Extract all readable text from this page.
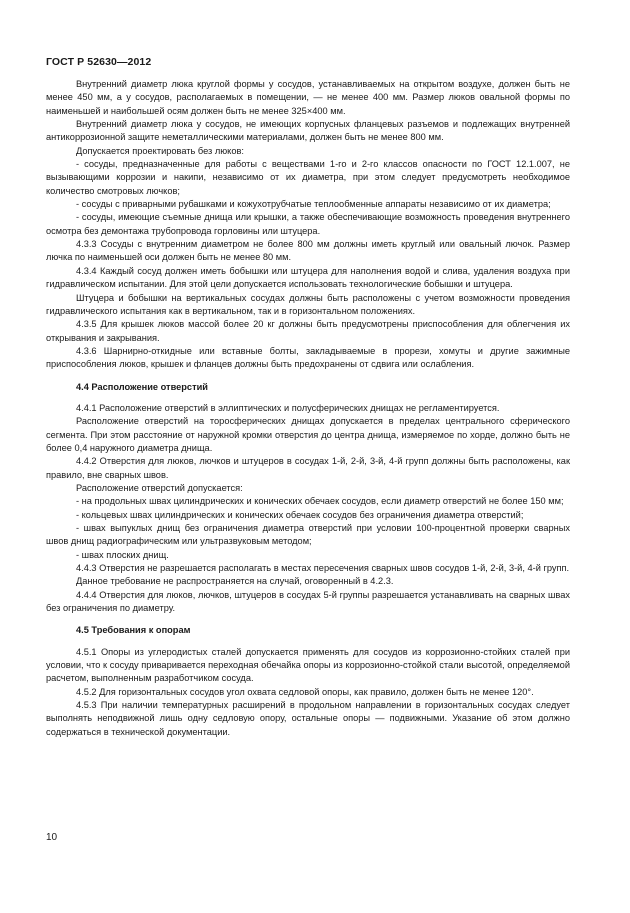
ГОСТ Р 52630—2012

Внутренний диаметр люка круглой формы у сосудов, устанавливаемых на открытом воздухе, должен быть не менее 450 мм, а у сосудов, располагаемых в помещении, — не менее 400 мм. Размер люков овальной формы по наименьшей и наибольшей осям должен быть не менее 325×400 мм.

Внутренний диаметр люка у сосудов, не имеющих корпусных фланцевых разъемов и подлежащих внутренней антикоррозионной защите неметаллическими материалами, должен быть не менее 800 мм.

Допускается проектировать без люков:

- сосуды, предназначенные для работы с веществами 1-го и 2-го классов опасности по ГОСТ 12.1.007, не вызывающими коррозии и накипи, независимо от их диаметра, при этом следует предусмотреть необходимое количество смотровых лючков;

- сосуды с приварными рубашками и кожухотрубчатые теплообменные аппараты независимо от их диаметра;

- сосуды, имеющие съемные днища или крышки, а также обеспечивающие возможность проведения внутреннего осмотра без демонтажа трубопровода горловины или штуцера.

4.3.3 Сосуды с внутренним диаметром не более 800 мм должны иметь круглый или овальный лючок. Размер лючка по наименьшей оси должен быть не менее 80 мм.

4.3.4 Каждый сосуд должен иметь бобышки или штуцера для наполнения водой и слива, удаления воздуха при гидравлическом испытании. Для этой цели допускается использовать технологические бобышки и штуцера.

Штуцера и бобышки на вертикальных сосудах должны быть расположены с учетом возможности проведения гидравлического испытания как в вертикальном, так и в горизонтальном положениях.

4.3.5 Для крышек люков массой более 20 кг должны быть предусмотрены приспособления для облегчения их открывания и закрывания.

4.3.6 Шарнирно-откидные или вставные болты, закладываемые в прорези, хомуты и другие зажимные приспособления люков, крышек и фланцев должны быть предохранены от сдвига или ослабления.

4.4 Расположение отверстий

4.4.1 Расположение отверстий в эллиптических и полусферических днищах не регламентируется.

Расположение отверстий на торосферических днищах допускается в пределах центрального сферического сегмента. При этом расстояние от наружной кромки отверстия до центра днища, измеряемое по хорде, должно быть не более 0,4 наружного диаметра днища.

4.4.2 Отверстия для люков, лючков и штуцеров в сосудах 1-й, 2-й, 3-й, 4-й групп должны быть расположены, как правило, вне сварных швов.

Расположение отверстий допускается:

- на продольных швах цилиндрических и конических обечаек сосудов, если диаметр отверстий не более 150 мм;

- кольцевых швах цилиндрических и конических обечаек сосудов без ограничения диаметра отверстий;

- швах выпуклых днищ без ограничения диаметра отверстий при условии 100-процентной проверки сварных швов днищ радиографическим или ультразвуковым методом;

- швах плоских днищ.

4.4.3 Отверстия не разрешается располагать в местах пересечения сварных швов сосудов 1-й, 2-й, 3-й, 4-й групп.

Данное требование не распространяется на случай, оговоренный в 4.2.3.

4.4.4 Отверстия для люков, лючков, штуцеров в сосудах 5-й группы разрешается устанавливать на сварных швах без ограничения по диаметру.

4.5 Требования к опорам

4.5.1 Опоры из углеродистых сталей допускается применять для сосудов из коррозионно-стойких сталей при условии, что к сосуду приваривается переходная обечайка опоры из коррозионно-стойкой стали высотой, определяемой расчетом, выполненным разработчиком сосуда.

4.5.2 Для горизонтальных сосудов угол охвата седловой опоры, как правило, должен быть не менее 120°.

4.5.3 При наличии температурных расширений в продольном направлении в горизонтальных сосудах следует выполнять неподвижной лишь одну седловую опору, остальные опоры — подвижными. Указание об этом должно содержаться в технической документации.

10
